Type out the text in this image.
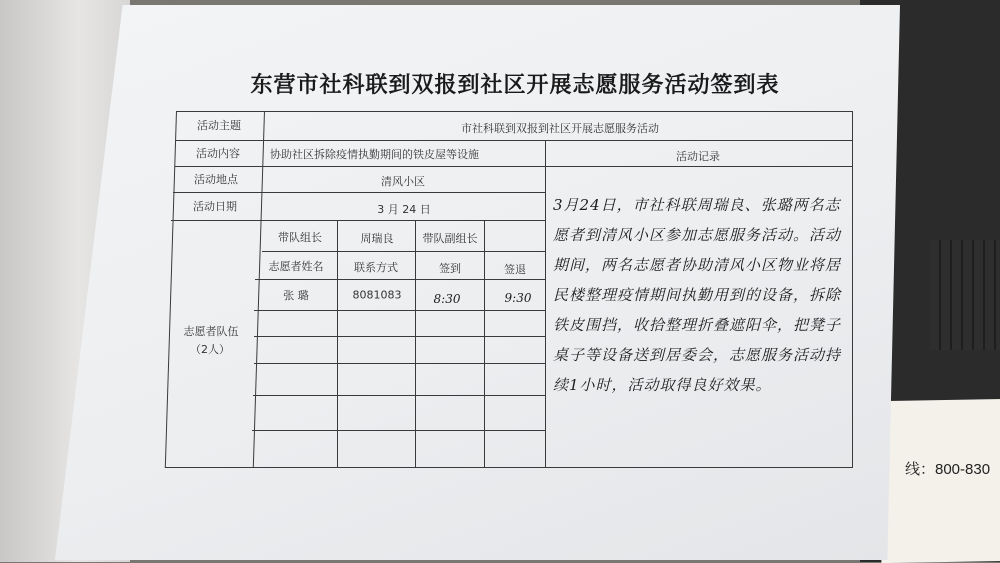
线：800-830
东营市社科联到双报到社区开展志愿服务活动签到表
活动主题	市社科联到双报到社区开展志愿服务活动
活动内容	协助社区拆除疫情执勤期间的铁皮屋等设施	活动记录
活动地点	清风小区
活动日期	3 月 24 日
带队组长	周瑞良	带队副组长
志愿者姓名	联系方式	签到	签退
张 璐	8081083	8:30	9:30
志愿者队伍
（2人）
3月24日，市社科联周瑞良、张璐两名志愿者到清风小区参加志愿服务活动。活动期间，两名志愿者协助清风小区物业将居民楼整理疫情期间执勤用到的设备，拆除铁皮围挡，收拾整理折叠遮阳伞，把凳子桌子等设备送到居委会，志愿服务活动持续1小时，活动取得良好效果。
